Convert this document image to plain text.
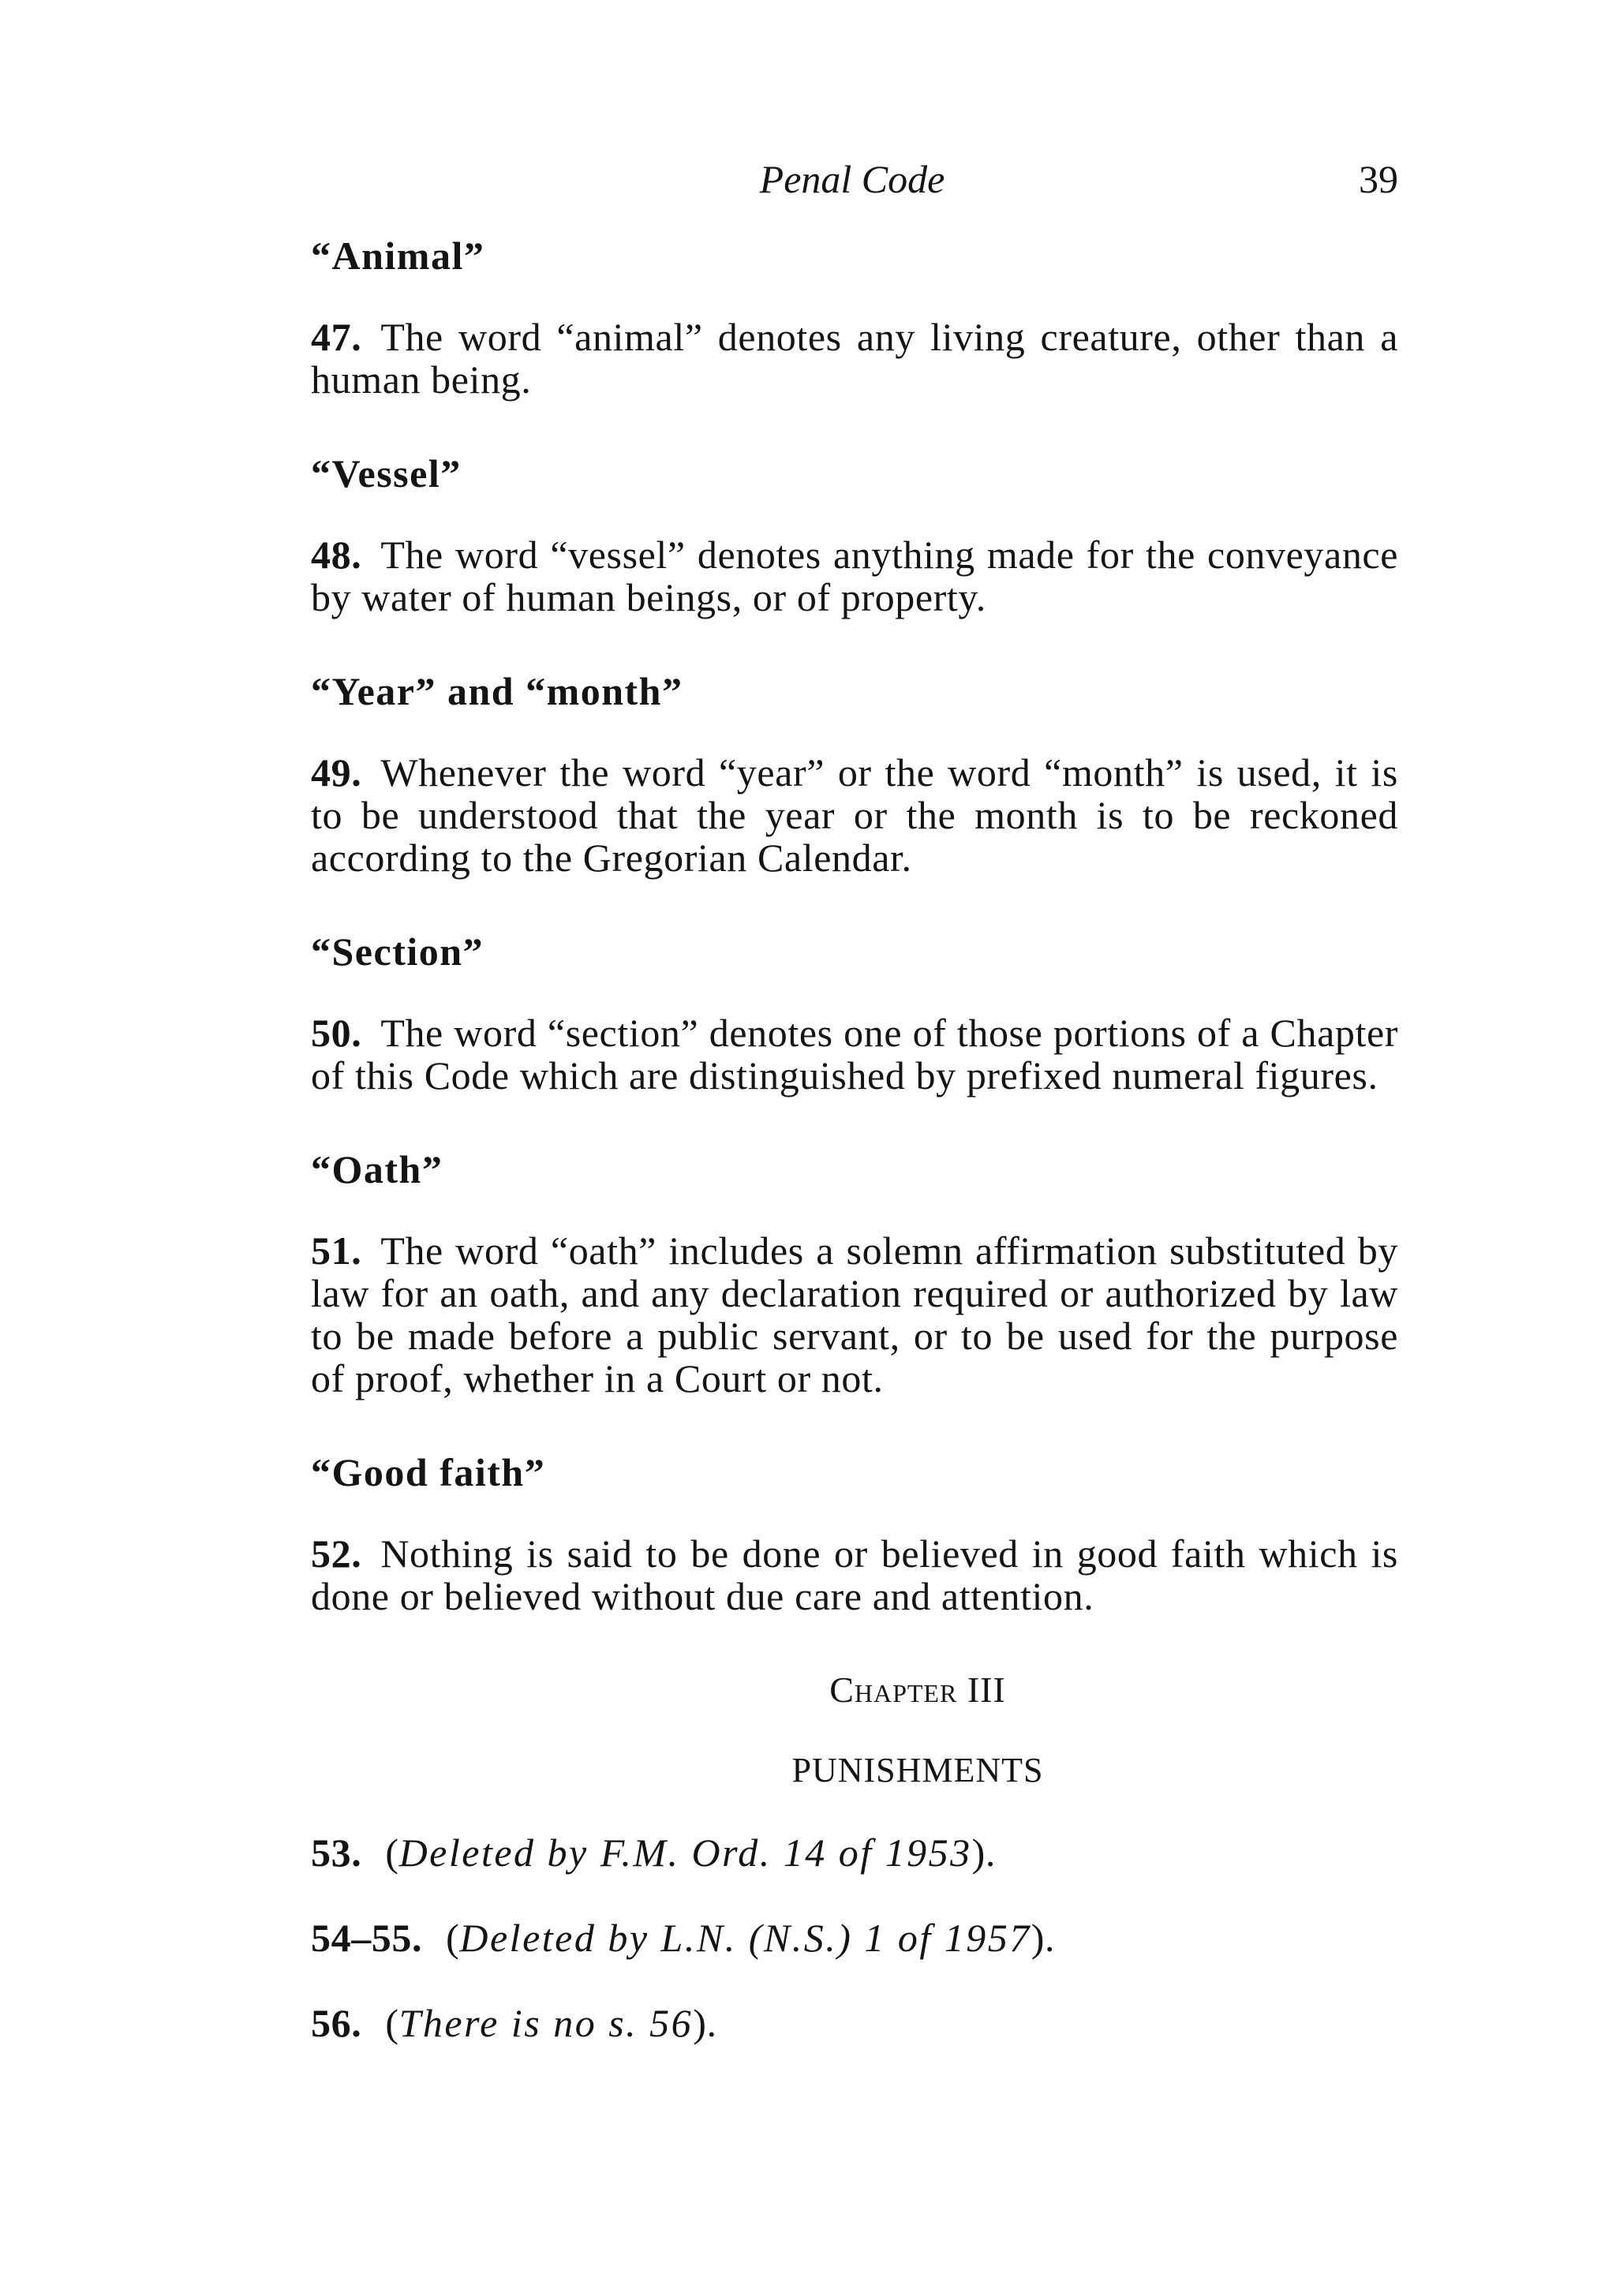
Penal Code	39
“Animal”

47. The word “animal” denotes any living creature, other than a human being.

“Vessel”

48. The word “vessel” denotes anything made for the conveyance by water of human beings, or of property.

“Year” and “month”

49. Whenever the word “year” or the word “month” is used, it is to be understood that the year or the month is to be reckoned according to the Gregorian Calendar.

“Section”

50. The word “section” denotes one of those portions of a Chapter of this Code which are distinguished by prefixed numeral figures.

“Oath”

51. The word “oath” includes a solemn affirmation substituted by law for an oath, and any declaration required or authorized by law to be made before a public servant, or to be used for the purpose of proof, whether in a Court or not.

“Good faith”

52. Nothing is said to be done or believed in good faith which is done or believed without due care and attention.

Chapter III
PUNISHMENTS

53. (Deleted by F.M. Ord. 14 of 1953).

54–55. (Deleted by L.N. (N.S.) 1 of 1957).

56. (There is no s. 56).
